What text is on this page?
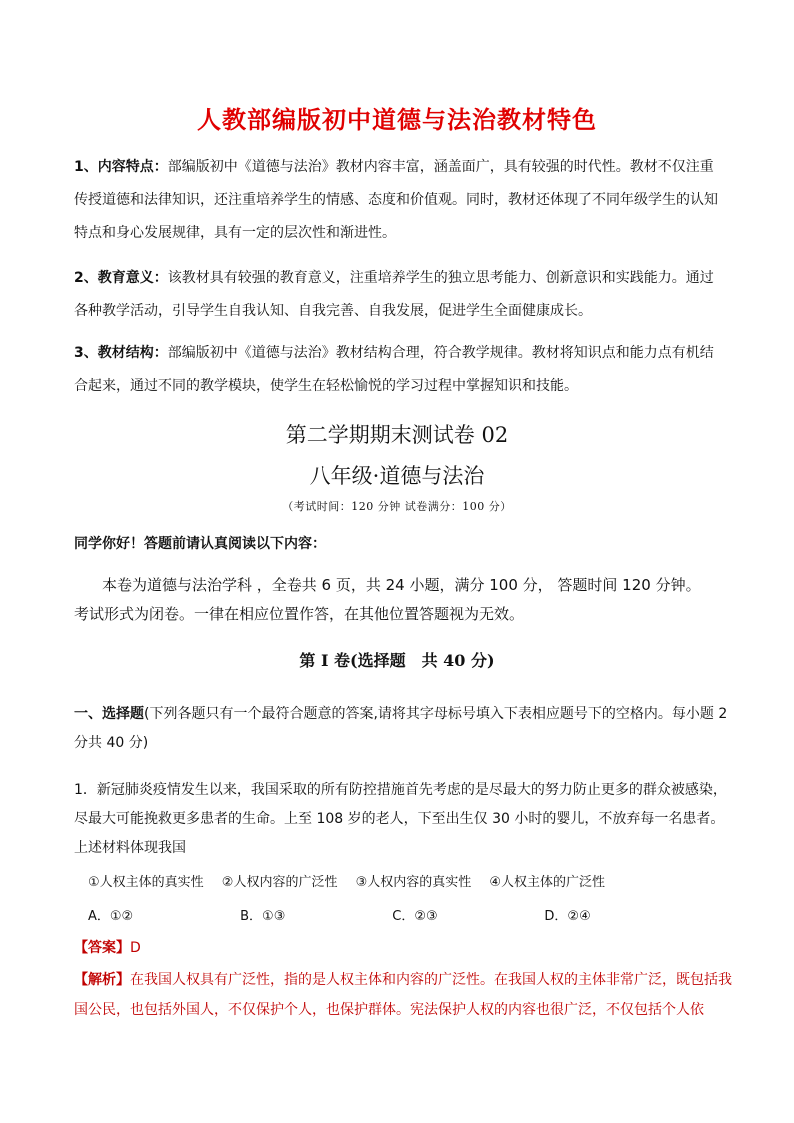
人教部编版初中道德与法治教材特色
1、内容特点：部编版初中《道德与法治》教材内容丰富，涵盖面广，具有较强的时代性。教材不仅注重传授道德和法律知识，还注重培养学生的情感、态度和价值观。同时，教材还体现了不同年级学生的认知特点和身心发展规律，具有一定的层次性和渐进性。
2、教育意义：该教材具有较强的教育意义，注重培养学生的独立思考能力、创新意识和实践能力。通过各种教学活动，引导学生自我认知、自我完善、自我发展，促进学生全面健康成长。
3、教材结构：部编版初中《道德与法治》教材结构合理，符合教学规律。教材将知识点和能力点有机结合起来，通过不同的教学模块，使学生在轻松愉悦的学习过程中掌握知识和技能。
第二学期期末测试卷 02
八年级·道德与法治
（考试时间：120 分钟 试卷满分：100 分）
同学你好！答题前请认真阅读以下内容：
本卷为道德与法治学科 ，全卷共 6 页，共 24 小题，满分 100 分， 答题时间 120 分钟。
考试形式为闭卷。一律在相应位置作答，在其他位置答题视为无效。
第 I 卷(选择题　共 40 分)
一、选择题(下列各题只有一个最符合题意的答案,请将其字母标号填入下表相应题号下的空格内。每小题 2 分共 40 分)
1．新冠肺炎疫情发生以来，我国采取的所有防控措施首先考虑的是尽最大的努力防止更多的群众被感染，尽最大可能挽救更多患者的生命。上至 108 岁的老人，下至出生仅 30 小时的婴儿，不放弃每一名患者。上述材料体现我国
①人权主体的真实性 ②人权内容的广泛性 ③人权内容的真实性 ④人权主体的广泛性
A．①②	B．①③	C．②③	D．②④
【答案】D
【解析】在我国人权具有广泛性，指的是人权主体和内容的广泛性。在我国人权的主体非常广泛，既包括我国公民，也包括外国人，不仅保护个人，也保护群体。宪法保护人权的内容也很广泛，不仅包括个人依
